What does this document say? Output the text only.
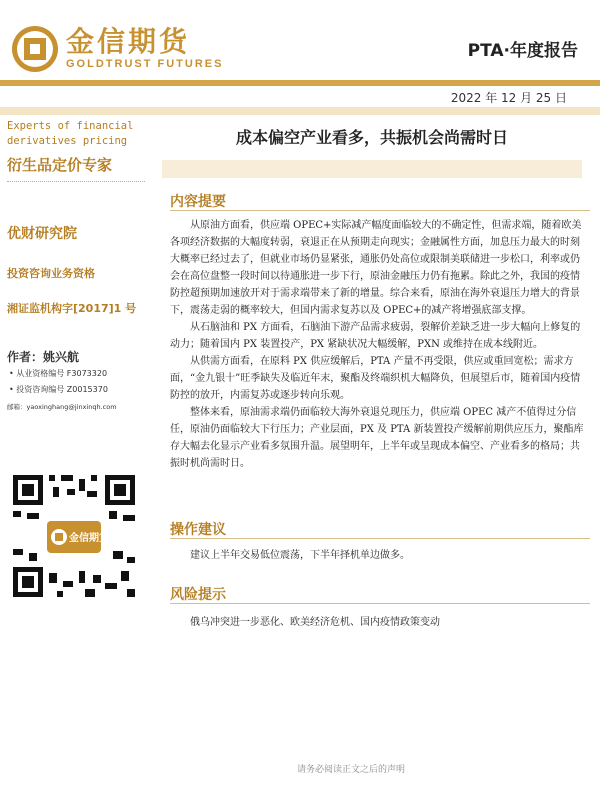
金信期货
GOLDTRUST FUTURES
PTA·年度报告
2022 年 12 月 25 日
Experts of financial derivatives pricing
衍生品定价专家
优财研究院
投资咨询业务资格
湘证监机构字[2017]1 号
作者：姚兴航
• 从业资格编号 F3073320
• 投资咨询编号 Z0015370
邮箱：yaoxinghang@jinxinqh.com
金信期货
成本偏空产业看多，共振机会尚需时日
内容提要

从原油方面看，供应端 OPEC+实际减产幅度面临较大的不确定性，但需求端，随着欧美各项经济数据的大幅度转弱，衰退正在从预期走向现实；金融属性方面，加息压力最大的时刻大概率已经过去了，但就业市场仍显紧张，通胀仍处高位或限制美联储进一步松口，利率或仍会在高位盘整一段时间以待通胀进一步下行，原油金融压力仍有拖累。除此之外，我国的疫情防控超预期加速放开对于需求端带来了新的增量。综合来看，原油在海外衰退压力增大的背景下，震荡走弱的概率较大，但国内需求复苏以及 OPEC+的减产将增强底部支撑。

从石脑油和 PX 方面看，石脑油下游产品需求疲弱，裂解价差缺乏进一步大幅向上修复的动力；随着国内 PX 装置投产，PX 紧缺状况大幅缓解，PXN 或维持在成本线附近。

从供需方面看，在原料 PX 供应缓解后，PTA 产量不再受限，供应或重回宽松；需求方面，“金九银十”旺季缺失及临近年末，聚酯及终端织机大幅降负，但展望后市，随着国内疫情防控的放开，内需复苏或逐步转向乐观。

整体来看，原油需求端仍面临较大海外衰退兑现压力，供应端 OPEC 减产不值得过分信任，原油仍面临较大下行压力；产业层面，PX 及 PTA 新装置投产缓解前期供应压力，聚酯库存大幅去化显示产业看多氛围升温。展望明年，上半年或呈现成本偏空、产业看多的格局；共振时机尚需时日。

操作建议
建议上半年交易低位震荡，下半年择机单边做多。
风险提示
俄乌冲突进一步恶化、欧美经济危机、国内疫情政策变动
请务必阅读正文之后的声明
